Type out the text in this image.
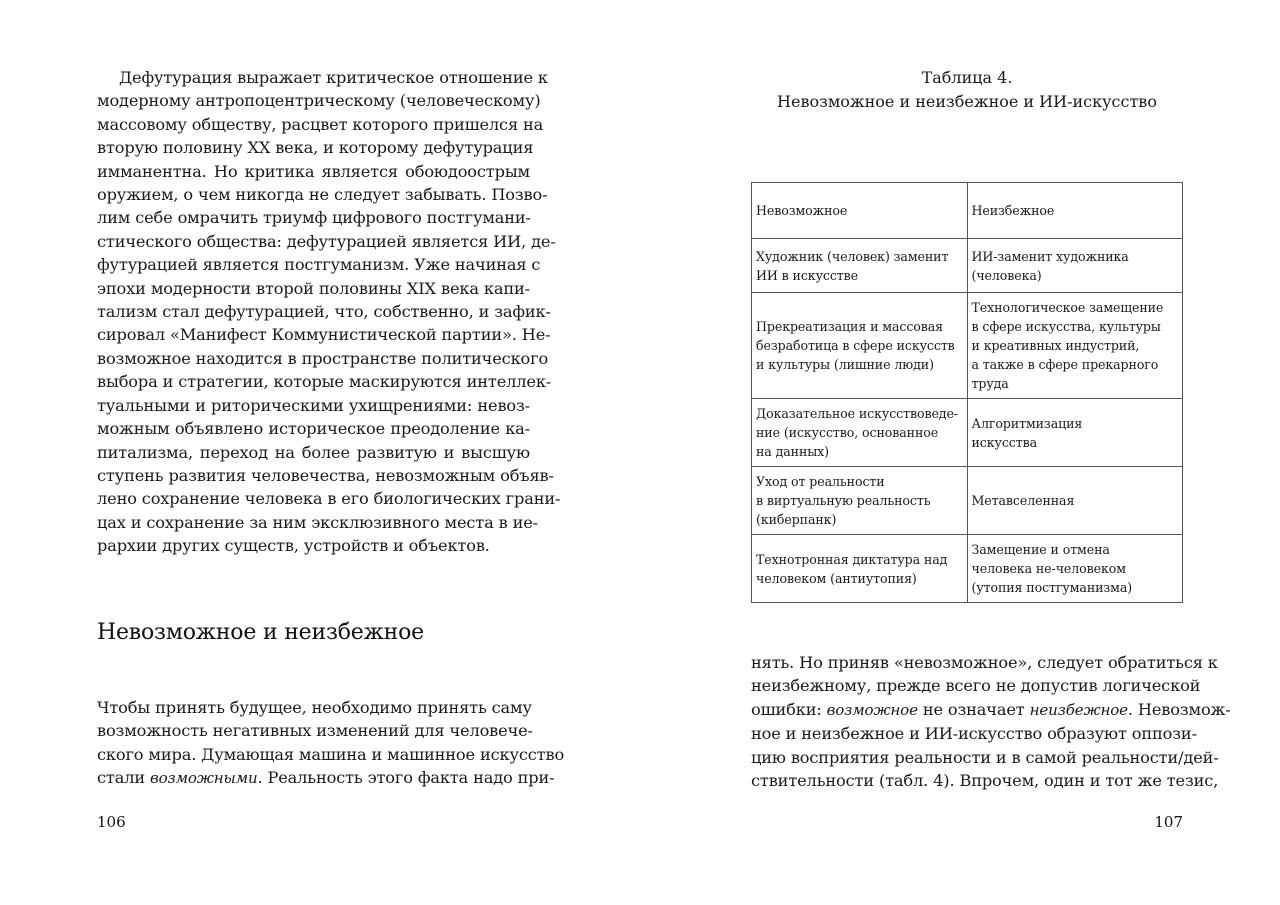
Дефутурация выражает критическое отношение к
модерному антропоцентрическому (человеческому)
массовому обществу, расцвет которого пришелся на
вторую половину XX века, и которому дефутурация
имманентна. Но критика является обоюдоострым
оружием, о чем никогда не следует забывать. Позво-
лим себе омрачить триумф цифрового постгумани-
стического общества: дефутурацией является ИИ, де-
футурацией является постгуманизм. Уже начиная с
эпохи модерности второй половины XIX века капи-
тализм стал дефутурацией, что, собственно, и зафик-
сировал «Манифест Коммунистической партии». Не-
возможное находится в пространстве политического
выбора и стратегии, которые маскируются интеллек-
туальными и риторическими ухищрениями: невоз-
можным объявлено историческое преодоление ка-
питализма, переход на более развитую и высшую
ступень развития человечества, невозможным объяв-
лено сохранение человека в его биологических грани-
цах и сохранение за ним эксклюзивного места в ие-
рархии других существ, устройств и объектов.

Невозможное и неизбежное

Чтобы принять будущее, необходимо принять саму
возможность негативных изменений для человече-
ского мира. Думающая машина и машинное искусство
стали возможными. Реальность этого факта надо при-

106
Таблица 4.
Невозможное и неизбежное и ИИ-искусство
Невозможное	Неизбежное

Художник (человек) заменит
ИИ в искусстве	ИИ-заменит художника
(человека)

Прекреатизация и массовая
безработица в сфере искусств
и культуры (лишние люди)	Технологическое замещение
в сфере искусства, культуры
и креативных индустрий,
а также в сфере прекарного
труда

Доказательное искусствоведе-
ние (искусство, основанное
на данных)	Алгоритмизация
искусства

Уход от реальности
в виртуальную реальность
(киберпанк)	Метавселенная

Технотронная диктатура над
человеком (антиутопия)	Замещение и отмена
человека не-человеком
(утопия постгуманизма)

нять. Но приняв «невозможное», следует обратиться к
неизбежному, прежде всего не допустив логической
ошибки: возможное не означает неизбежное. Невозмож-
ное и неизбежное и ИИ-искусство образуют оппози-
цию восприятия реальности и в самой реальности/дей-
ствительности (табл. 4). Впрочем, один и тот же тезис,

107
